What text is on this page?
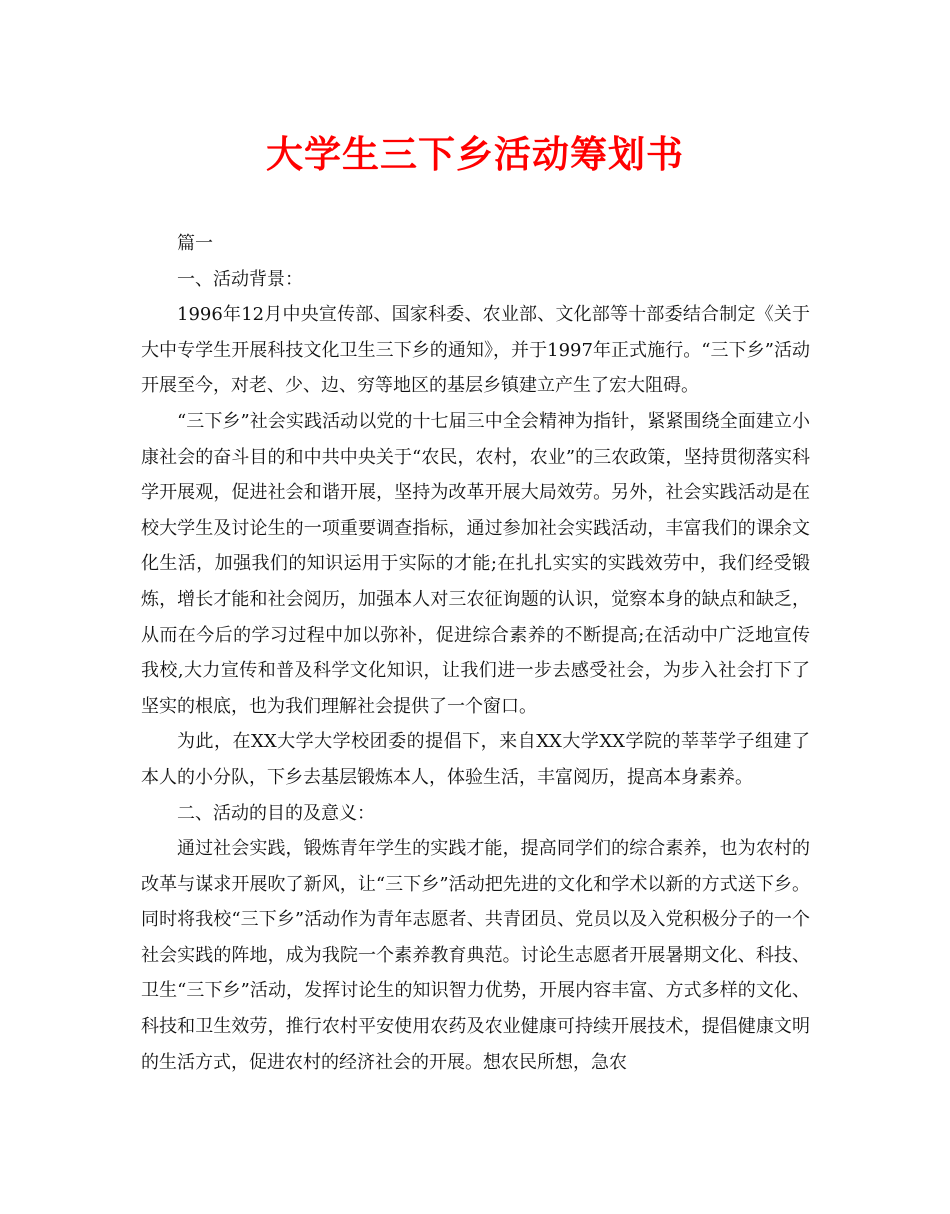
大学生三下乡活动筹划书

篇一

一、活动背景：

1996年12月中央宣传部、国家科委、农业部、文化部等十部委结合制定《关于大中专学生开展科技文化卫生三下乡的通知》，并于1997年正式施行。“三下乡”活动开展至今，对老、少、边、穷等地区的基层乡镇建立产生了宏大阻碍。

“三下乡”社会实践活动以党的十七届三中全会精神为指针，紧紧围绕全面建立小康社会的奋斗目的和中共中央关于“农民，农村，农业”的三农政策，坚持贯彻落实科学开展观，促进社会和谐开展，坚持为改革开展大局效劳。另外，社会实践活动是在校大学生及讨论生的一项重要调查指标，通过参加社会实践活动，丰富我们的课余文化生活，加强我们的知识运用于实际的才能;在扎扎实实的实践效劳中，我们经受锻炼，增长才能和社会阅历，加强本人对三农征询题的认识，觉察本身的缺点和缺乏，从而在今后的学习过程中加以弥补，促进综合素养的不断提高;在活动中广泛地宣传我校,大力宣传和普及科学文化知识，让我们进一步去感受社会，为步入社会打下了坚实的根底，也为我们理解社会提供了一个窗口。

为此，在XX大学大学校团委的提倡下，来自XX大学XX学院的莘莘学子组建了本人的小分队，下乡去基层锻炼本人，体验生活，丰富阅历，提高本身素养。

二、活动的目的及意义：

通过社会实践，锻炼青年学生的实践才能，提高同学们的综合素养，也为农村的改革与谋求开展吹了新风，让“三下乡”活动把先进的文化和学术以新的方式送下乡。同时将我校“三下乡”活动作为青年志愿者、共青团员、党员以及入党积极分子的一个社会实践的阵地，成为我院一个素养教育典范。讨论生志愿者开展暑期文化、科技、卫生“三下乡”活动，发挥讨论生的知识智力优势，开展内容丰富、方式多样的文化、科技和卫生效劳，推行农村平安使用农药及农业健康可持续开展技术，提倡健康文明的生活方式，促进农村的经济社会的开展。想农民所想，急农
